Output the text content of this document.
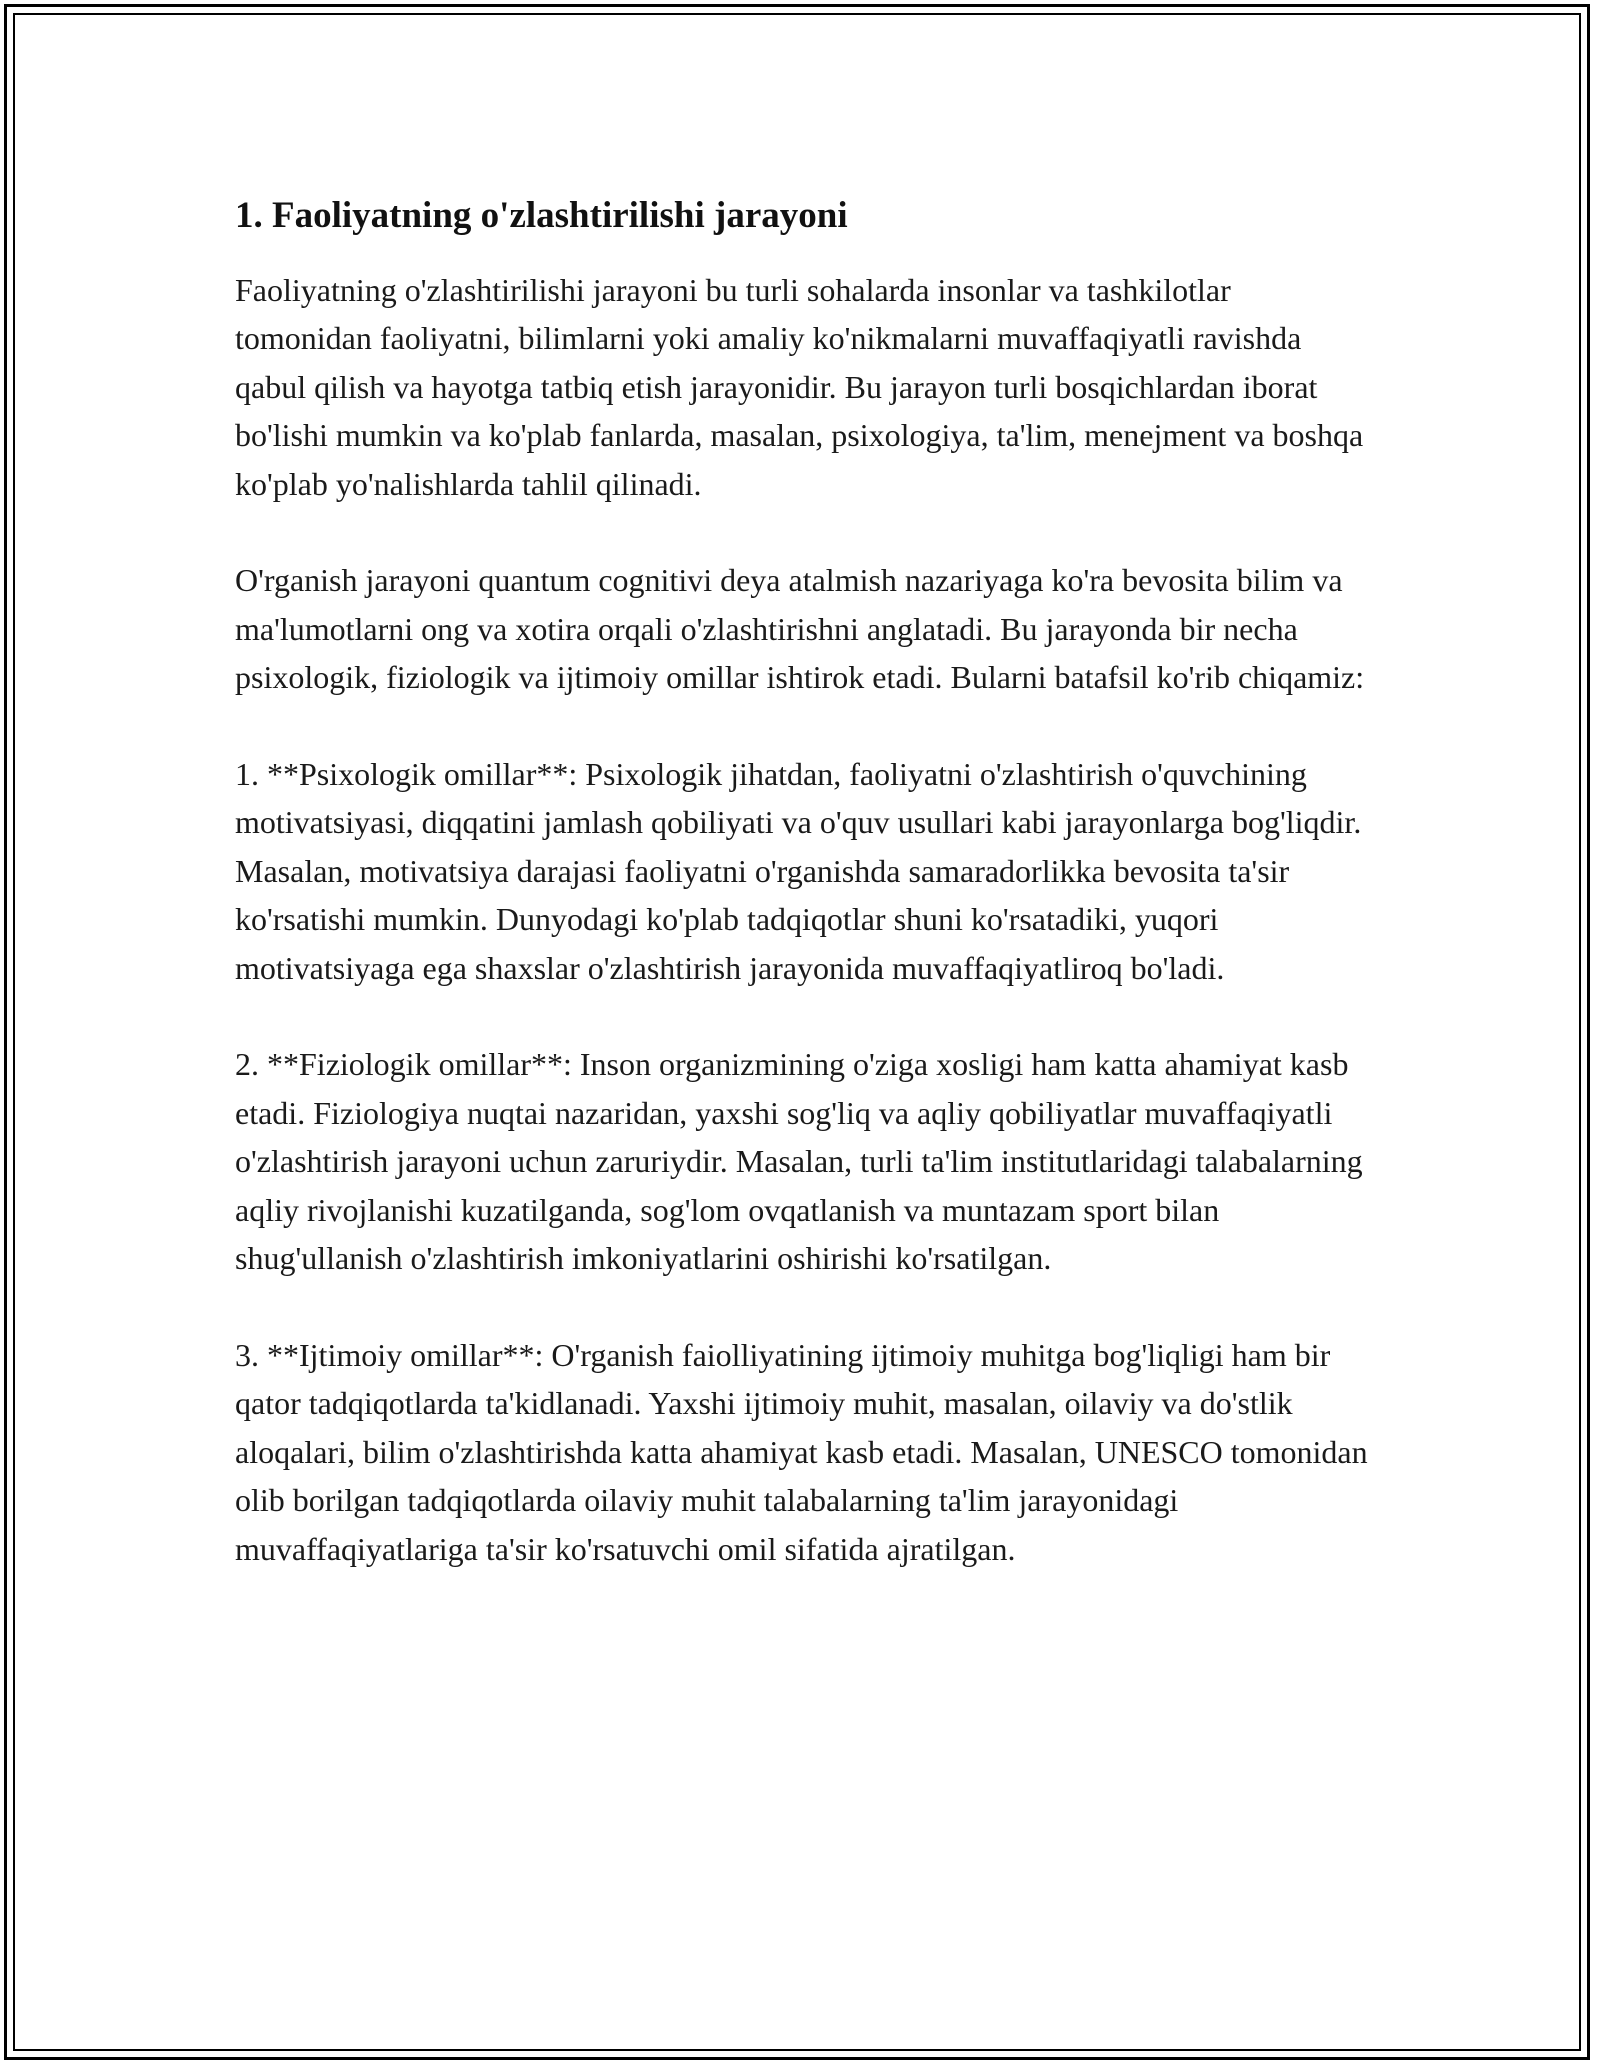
1. Faoliyatning o'zlashtirilishi jarayoni

Faoliyatning o'zlashtirilishi jarayoni bu turli sohalarda insonlar va tashkilotlar tomonidan faoliyatni, bilimlarni yoki amaliy ko'nikmalarni muvaffaqiyatli ravishda qabul qilish va hayotga tatbiq etish jarayonidir. Bu jarayon turli bosqichlardan iborat bo'lishi mumkin va ko'plab fanlarda, masalan, psixologiya, ta'lim, menejment va boshqa ko'plab yo'nalishlarda tahlil qilinadi.

O'rganish jarayoni quantum cognitivi deya atalmish nazariyaga ko'ra bevosita bilim va ma'lumotlarni ong va xotira orqali o'zlashtirishni anglatadi. Bu jarayonda bir necha psixologik, fiziologik va ijtimoiy omillar ishtirok etadi. Bularni batafsil ko'rib chiqamiz:

1. **Psixologik omillar**: Psixologik jihatdan, faoliyatni o'zlashtirish o'quvchining motivatsiyasi, diqqatini jamlash qobiliyati va o'quv usullari kabi jarayonlarga bog'liqdir. Masalan, motivatsiya darajasi faoliyatni o'rganishda samaradorlikka bevosita ta'sir ko'rsatishi mumkin. Dunyodagi ko'plab tadqiqotlar shuni ko'rsatadiki, yuqori motivatsiyaga ega shaxslar o'zlashtirish jarayonida muvaffaqiyatliroq bo'ladi.

2. **Fiziologik omillar**: Inson organizmining o'ziga xosligi ham katta ahamiyat kasb etadi. Fiziologiya nuqtai nazaridan, yaxshi sog'liq va aqliy qobiliyatlar muvaffaqiyatli o'zlashtirish jarayoni uchun zaruriydir. Masalan, turli ta'lim institutlaridagi talabalarning aqliy rivojlanishi kuzatilganda, sog'lom ovqatlanish va muntazam sport bilan shug'ullanish o'zlashtirish imkoniyatlarini oshirishi ko'rsatilgan.

3. **Ijtimoiy omillar**: O'rganish faiolliyatining ijtimoiy muhitga bog'liqligi ham bir qator tadqiqotlarda ta'kidlanadi. Yaxshi ijtimoiy muhit, masalan, oilaviy va do'stlik aloqalari, bilim o'zlashtirishda katta ahamiyat kasb etadi. Masalan, UNESCO tomonidan olib borilgan tadqiqotlarda oilaviy muhit talabalarning ta'lim jarayonidagi muvaffaqiyatlariga ta'sir ko'rsatuvchi omil sifatida ajratilgan.
